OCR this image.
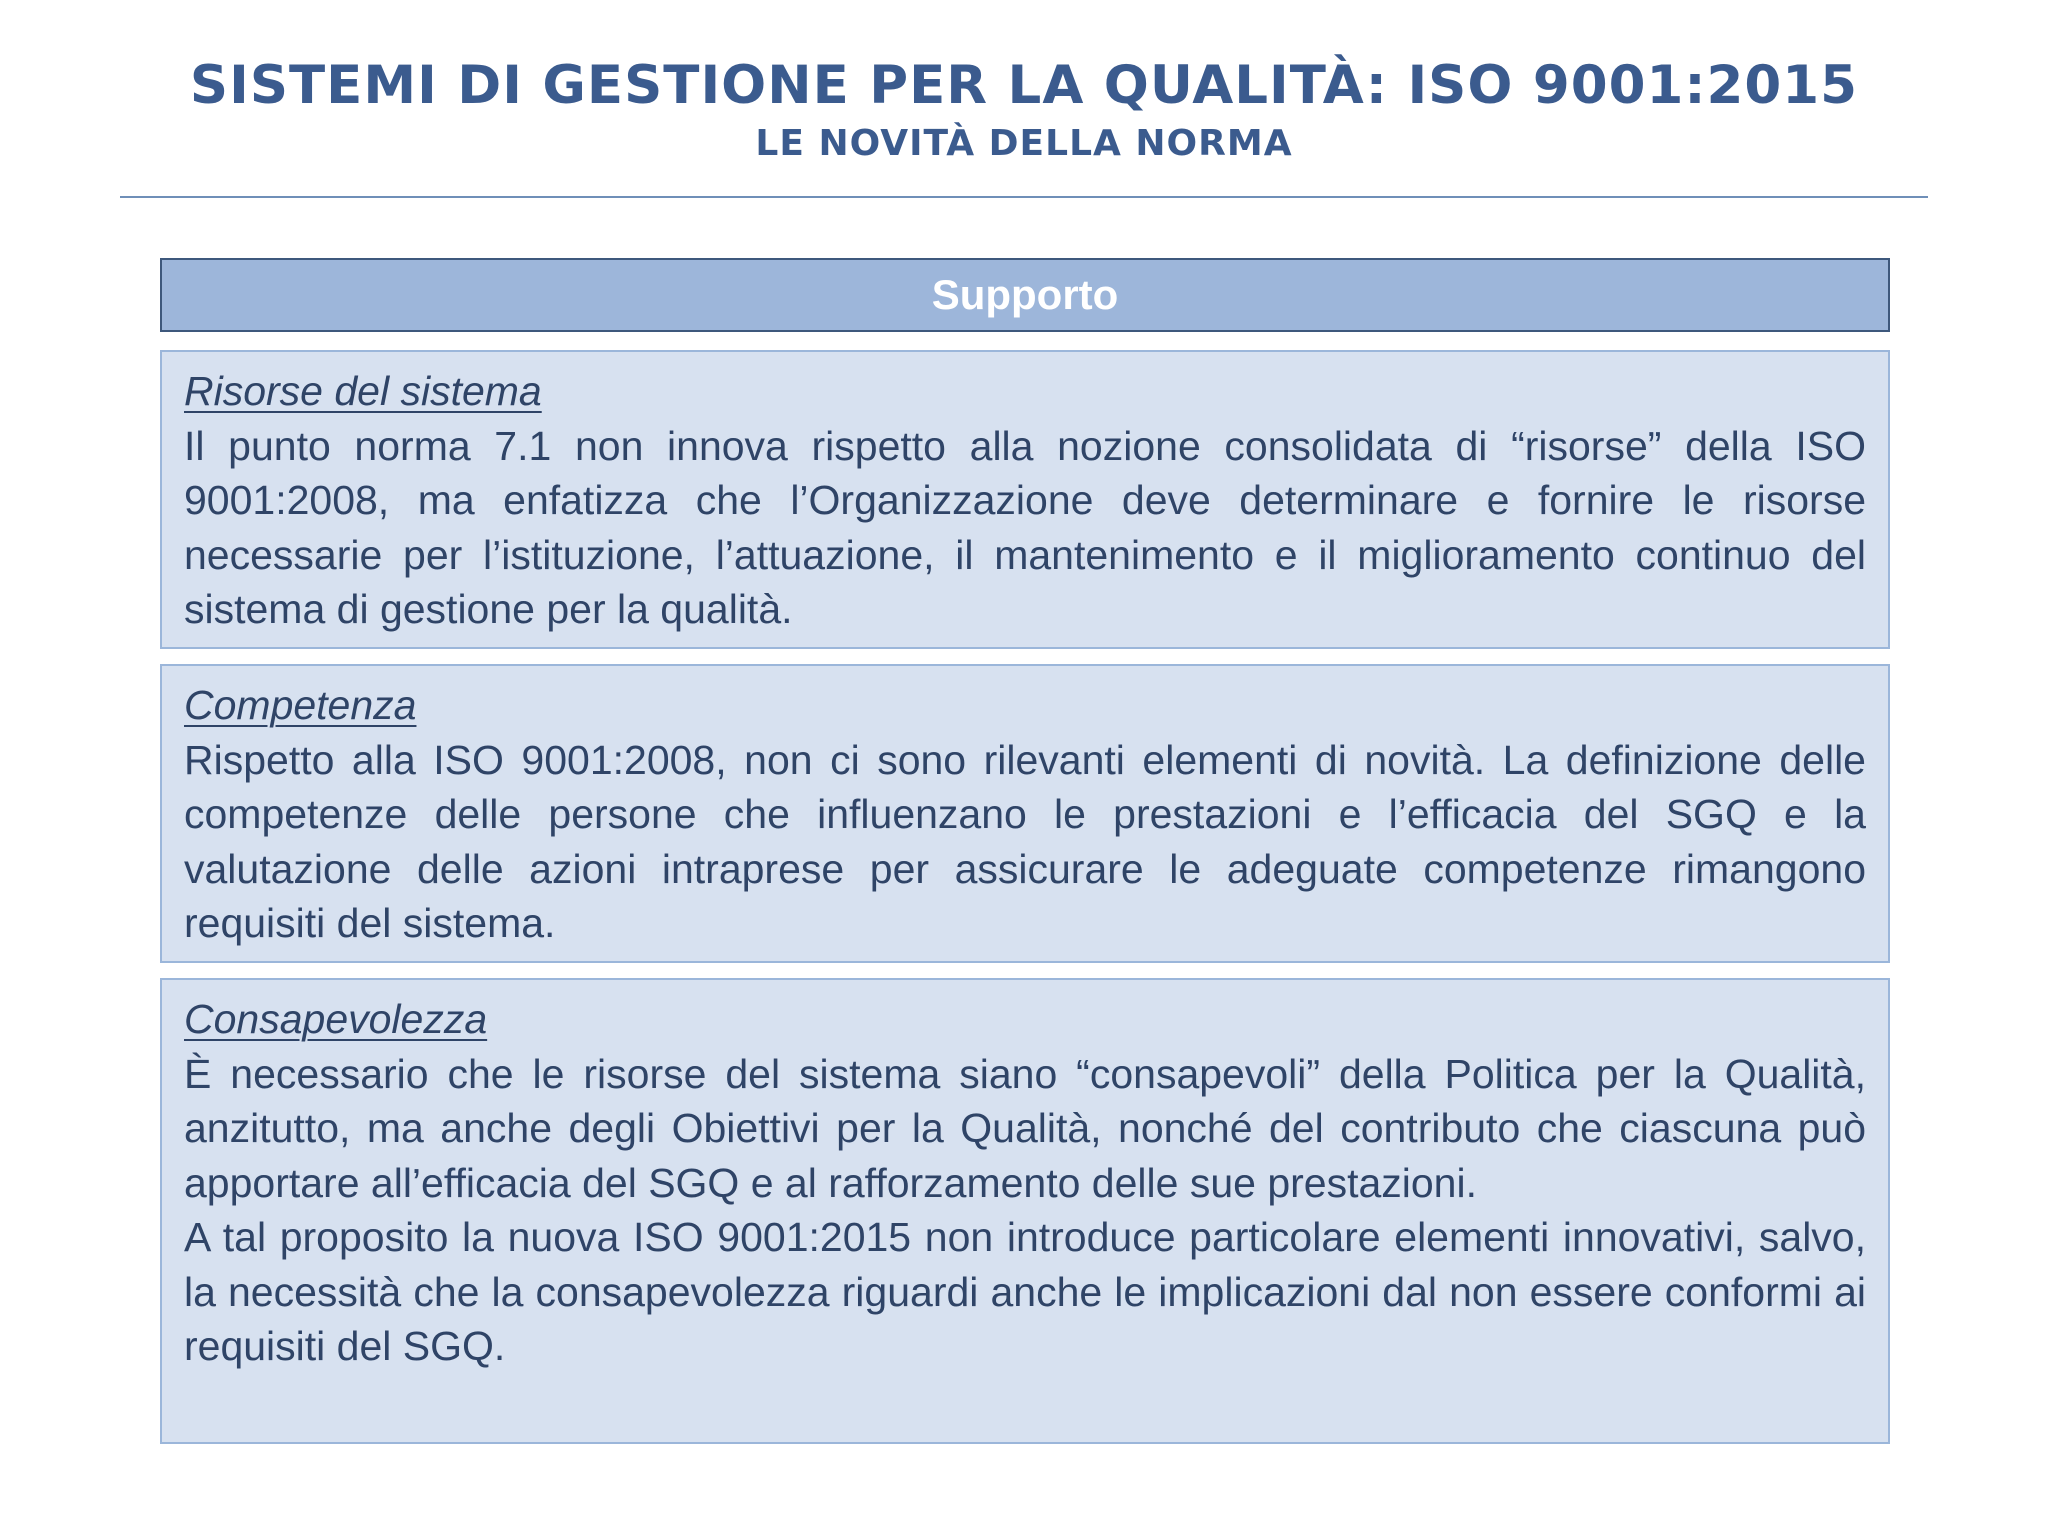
SISTEMI DI GESTIONE PER LA QUALITÀ: ISO 9001:2015
LE NOVITÀ DELLA NORMA
Supporto
Risorse del sistema
Il punto norma 7.1 non innova rispetto alla nozione consolidata di “risorse” della ISO 9001:2008, ma enfatizza che l’Organizzazione deve determinare e fornire le risorse necessarie per l’istituzione, l’attuazione, il mantenimento e il miglioramento continuo del sistema di gestione per la qualità.
Competenza
Rispetto alla ISO 9001:2008, non ci sono rilevanti elementi di novità. La definizione delle competenze delle persone che influenzano le prestazioni e l’efficacia del SGQ e la valutazione delle azioni intraprese per assicurare le adeguate competenze rimangono requisiti del sistema.
Consapevolezza
È necessario che le risorse del sistema siano “consapevoli” della Politica per la Qualità, anzitutto, ma anche degli Obiettivi per la Qualità, nonché del contributo che ciascuna può apportare all’efficacia del SGQ e al rafforzamento delle sue prestazioni.
A tal proposito la nuova ISO 9001:2015 non introduce particolare elementi innovativi, salvo, la necessità che la consapevolezza riguardi anche le implicazioni dal non essere conformi ai requisiti del SGQ.
